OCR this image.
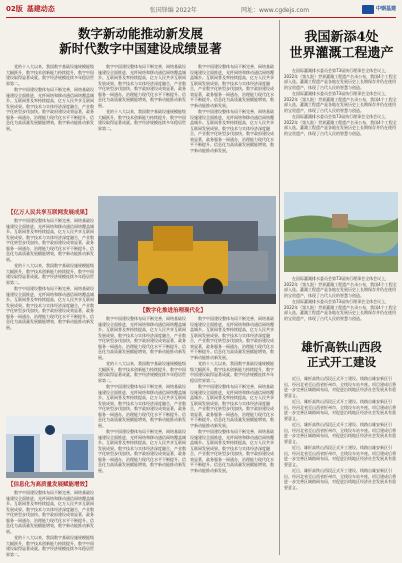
02版 基建动态	张国锋编 2022年	网址：www.cgdejs.com	中钢基建
数字新动能推动新发展
新时代数字中国建设成绩显著

党的十八大以来，我国数字基础设施规模能级大幅跃升，数字技术创新能力持续提升，数字中国建设取得显著成就。数字经济规模连续多年稳居世界第二。

数字中国建设整体布局不断完善，网络基础设施建设全面推进，光纤网络和移动通信网络覆盖城乡。互联网普及率持续提高，亿万人民共享互联网发展成果。数字技术与实体经济深度融合，产业数字化转型步伐加快。数字政府建设成效显著，政务服务一网通办，治理能力现代化水平不断提升。信息化为高质量发展赋能增效，数字新动能推动新发展。

数字中国建设整体布局不断完善，网络基础设施建设全面推进，光纤网络和移动通信网络覆盖城乡。互联网普及率持续提高，亿万人民共享互联网发展成果。数字技术与实体经济深度融合，产业数字化转型步伐加快。数字政府建设成效显著，政务服务一网通办，治理能力现代化水平不断提升。信息化为高质量发展赋能增效，数字新动能推动新发展。

党的十八大以来，我国数字基础设施规模能级大幅跃升，数字技术创新能力持续提升，数字中国建设取得显著成就。数字经济规模连续多年稳居世界第二。

数字中国建设整体布局不断完善，网络基础设施建设全面推进，光纤网络和移动通信网络覆盖城乡。互联网普及率持续提高，亿万人民共享互联网发展成果。数字技术与实体经济深度融合，产业数字化转型步伐加快。数字政府建设成效显著，政务服务一网通办，治理能力现代化水平不断提升。信息化为高质量发展赋能增效，数字新动能推动新发展。

数字中国建设整体布局不断完善，网络基础设施建设全面推进，光纤网络和移动通信网络覆盖城乡。互联网普及率持续提高，亿万人民共享互联网发展成果。数字技术与实体经济深度融合，产业数字化转型步伐加快。数字政府建设成效显著，政务服务一网通办，治理能力现代化水平不断提升。信息化为高质量发展赋能增效，数字新动能推动新发展。

【亿万人民共享互联网发展成果】

数字中国建设整体布局不断完善，网络基础设施建设全面推进，光纤网络和移动通信网络覆盖城乡。互联网普及率持续提高，亿万人民共享互联网发展成果。数字技术与实体经济深度融合，产业数字化转型步伐加快。数字政府建设成效显著，政务服务一网通办，治理能力现代化水平不断提升。信息化为高质量发展赋能增效，数字新动能推动新发展。

党的十八大以来，我国数字基础设施规模能级大幅跃升，数字技术创新能力持续提升，数字中国建设取得显著成就。数字经济规模连续多年稳居世界第二。

数字中国建设整体布局不断完善，网络基础设施建设全面推进，光纤网络和移动通信网络覆盖城乡。互联网普及率持续提高，亿万人民共享互联网发展成果。数字技术与实体经济深度融合，产业数字化转型步伐加快。数字政府建设成效显著，政务服务一网通办，治理能力现代化水平不断提升。信息化为高质量发展赋能增效，数字新动能推动新发展。

【数字化推进治理现代化】

数字中国建设整体布局不断完善，网络基础设施建设全面推进，光纤网络和移动通信网络覆盖城乡。互联网普及率持续提高，亿万人民共享互联网发展成果。数字技术与实体经济深度融合，产业数字化转型步伐加快。数字政府建设成效显著，政务服务一网通办，治理能力现代化水平不断提升。信息化为高质量发展赋能增效，数字新动能推动新发展。

党的十八大以来，我国数字基础设施规模能级大幅跃升，数字技术创新能力持续提升，数字中国建设取得显著成就。数字经济规模连续多年稳居世界第二。

数字中国建设整体布局不断完善，网络基础设施建设全面推进，光纤网络和移动通信网络覆盖城乡。互联网普及率持续提高，亿万人民共享互联网发展成果。数字技术与实体经济深度融合，产业数字化转型步伐加快。数字政府建设成效显著，政务服务一网通办，治理能力现代化水平不断提升。信息化为高质量发展赋能增效，数字新动能推动新发展。

数字中国建设整体布局不断完善，网络基础设施建设全面推进，光纤网络和移动通信网络覆盖城乡。互联网普及率持续提高，亿万人民共享互联网发展成果。数字技术与实体经济深度融合，产业数字化转型步伐加快。数字政府建设成效显著，政务服务一网通办，治理能力现代化水平不断提升。信息化为高质量发展赋能增效，数字新动能推动新发展。

数字中国建设整体布局不断完善，网络基础设施建设全面推进，光纤网络和移动通信网络覆盖城乡。互联网普及率持续提高，亿万人民共享互联网发展成果。数字技术与实体经济深度融合，产业数字化转型步伐加快。数字政府建设成效显著，政务服务一网通办，治理能力现代化水平不断提升。信息化为高质量发展赋能增效，数字新动能推动新发展。

党的十八大以来，我国数字基础设施规模能级大幅跃升，数字技术创新能力持续提升，数字中国建设取得显著成就。数字经济规模连续多年稳居世界第二。

数字中国建设整体布局不断完善，网络基础设施建设全面推进，光纤网络和移动通信网络覆盖城乡。互联网普及率持续提高，亿万人民共享互联网发展成果。数字技术与实体经济深度融合，产业数字化转型步伐加快。数字政府建设成效显著，政务服务一网通办，治理能力现代化水平不断提升。信息化为高质量发展赋能增效，数字新动能推动新发展。

数字中国建设整体布局不断完善，网络基础设施建设全面推进，光纤网络和移动通信网络覆盖城乡。互联网普及率持续提高，亿万人民共享互联网发展成果。数字技术与实体经济深度融合，产业数字化转型步伐加快。数字政府建设成效显著，政务服务一网通办，治理能力现代化水平不断提升。信息化为高质量发展赋能增效，数字新动能推动新发展。

【信息化为高质量发展赋能增效】

数字中国建设整体布局不断完善，网络基础设施建设全面推进，光纤网络和移动通信网络覆盖城乡。互联网普及率持续提高，亿万人民共享互联网发展成果。数字技术与实体经济深度融合，产业数字化转型步伐加快。数字政府建设成效显著，政务服务一网通办，治理能力现代化水平不断提升。信息化为高质量发展赋能增效，数字新动能推动新发展。

党的十八大以来，我国数字基础设施规模能级大幅跃升，数字技术创新能力持续提升，数字中国建设取得显著成就。数字经济规模连续多年稳居世界第二。

我国新添4处
世界灌溉工程遗产

在国际灌溉排水委员会第73届执行理事会全体会议上，2022年（第九批）世界灌溉工程遗产名录公布，我国4个工程全部入选。灌溉工程遗产是各地在发展历史上长期保存并仍在使用的宝贵遗产，体现了古代人民的智慧与创造。

在国际灌溉排水委员会第73届执行理事会全体会议上，2022年（第九批）世界灌溉工程遗产名录公布，我国4个工程全部入选。灌溉工程遗产是各地在发展历史上长期保存并仍在使用的宝贵遗产，体现了古代人民的智慧与创造。

在国际灌溉排水委员会第73届执行理事会全体会议上，2022年（第九批）世界灌溉工程遗产名录公布，我国4个工程全部入选。灌溉工程遗产是各地在发展历史上长期保存并仍在使用的宝贵遗产，体现了古代人民的智慧与创造。

在国际灌溉排水委员会第73届执行理事会全体会议上，2022年（第九批）世界灌溉工程遗产名录公布，我国4个工程全部入选。灌溉工程遗产是各地在发展历史上长期保存并仍在使用的宝贵遗产，体现了古代人民的智慧与创造。

在国际灌溉排水委员会第73届执行理事会全体会议上，2022年（第九批）世界灌溉工程遗产名录公布，我国4个工程全部入选。灌溉工程遗产是各地在发展历史上长期保存并仍在使用的宝贵遗产，体现了古代人民的智慧与创造。

雄忻高铁山西段
正式开工建设

近日，雄忻高铁山西段正式开工建设。线路自雄安新区引出，经河北省至山西省忻州市，全线设车站多座。项目建成后将进一步完善区域路网布局，对促进沿线地区经济社会发展具有重要意义。

近日，雄忻高铁山西段正式开工建设。线路自雄安新区引出，经河北省至山西省忻州市，全线设车站多座。项目建成后将进一步完善区域路网布局，对促进沿线地区经济社会发展具有重要意义。

近日，雄忻高铁山西段正式开工建设。线路自雄安新区引出，经河北省至山西省忻州市，全线设车站多座。项目建成后将进一步完善区域路网布局，对促进沿线地区经济社会发展具有重要意义。

近日，雄忻高铁山西段正式开工建设。线路自雄安新区引出，经河北省至山西省忻州市，全线设车站多座。项目建成后将进一步完善区域路网布局，对促进沿线地区经济社会发展具有重要意义。

近日，雄忻高铁山西段正式开工建设。线路自雄安新区引出，经河北省至山西省忻州市，全线设车站多座。项目建成后将进一步完善区域路网布局，对促进沿线地区经济社会发展具有重要意义。
